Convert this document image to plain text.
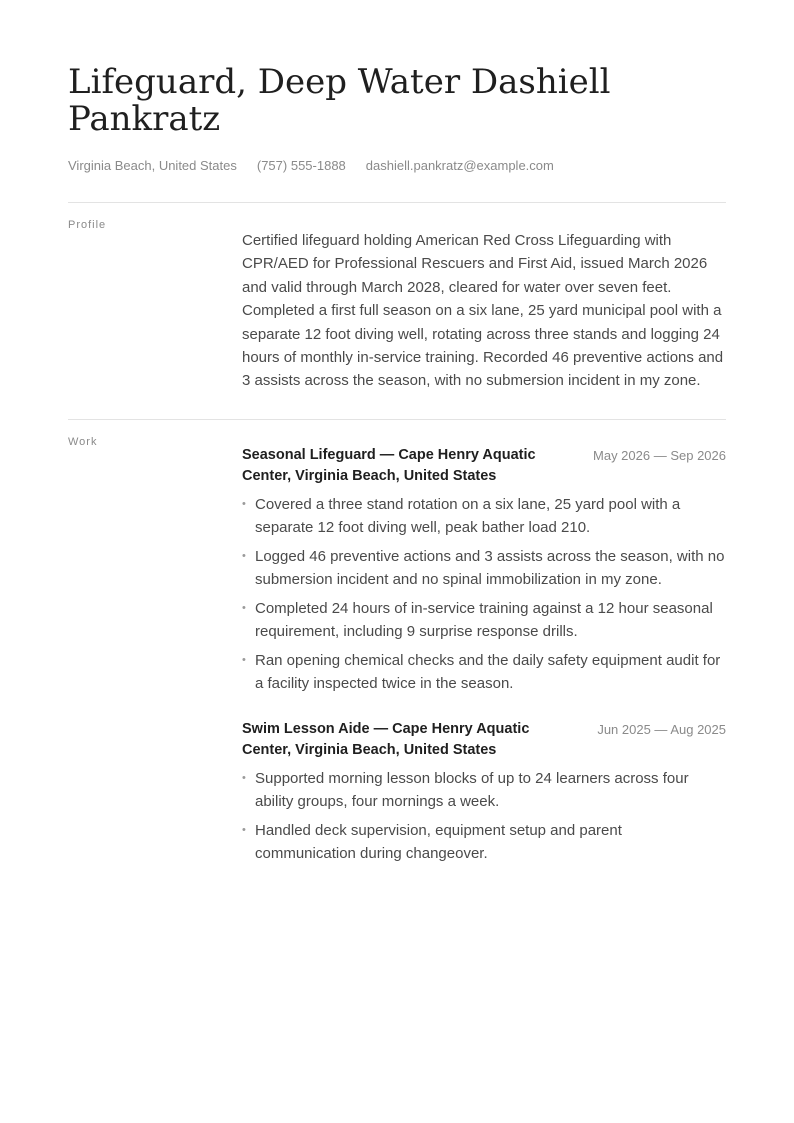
Lifeguard, Deep Water Dashiell Pankratz
Virginia Beach, United States (757) 555-1888 dashiell.pankratz@example.com
Profile

Certified lifeguard holding American Red Cross Lifeguarding with CPR/AED for Professional Rescuers and First Aid, issued March 2026 and valid through March 2028, cleared for water over seven feet. Completed a first full season on a six lane, 25 yard municipal pool with a separate 12 foot diving well, rotating across three stands and logging 24 hours of monthly in-service training. Recorded 46 preventive actions and 3 assists across the season, with no submersion incident in my zone.

Work
Seasonal Lifeguard — Cape Henry Aquatic Center, Virginia Beach, United States
May 2026 — Sep 2026
• Covered a three stand rotation on a six lane, 25 yard pool with a separate 12 foot diving well, peak bather load 210.
• Logged 46 preventive actions and 3 assists across the season, with no submersion incident and no spinal immobilization in my zone.
• Completed 24 hours of in-service training against a 12 hour seasonal requirement, including 9 surprise response drills.
• Ran opening chemical checks and the daily safety equipment audit for a facility inspected twice in the season.
Swim Lesson Aide — Cape Henry Aquatic Center, Virginia Beach, United States
Jun 2025 — Aug 2025
• Supported morning lesson blocks of up to 24 learners across four ability groups, four mornings a week.
• Handled deck supervision, equipment setup and parent communication during changeover.
